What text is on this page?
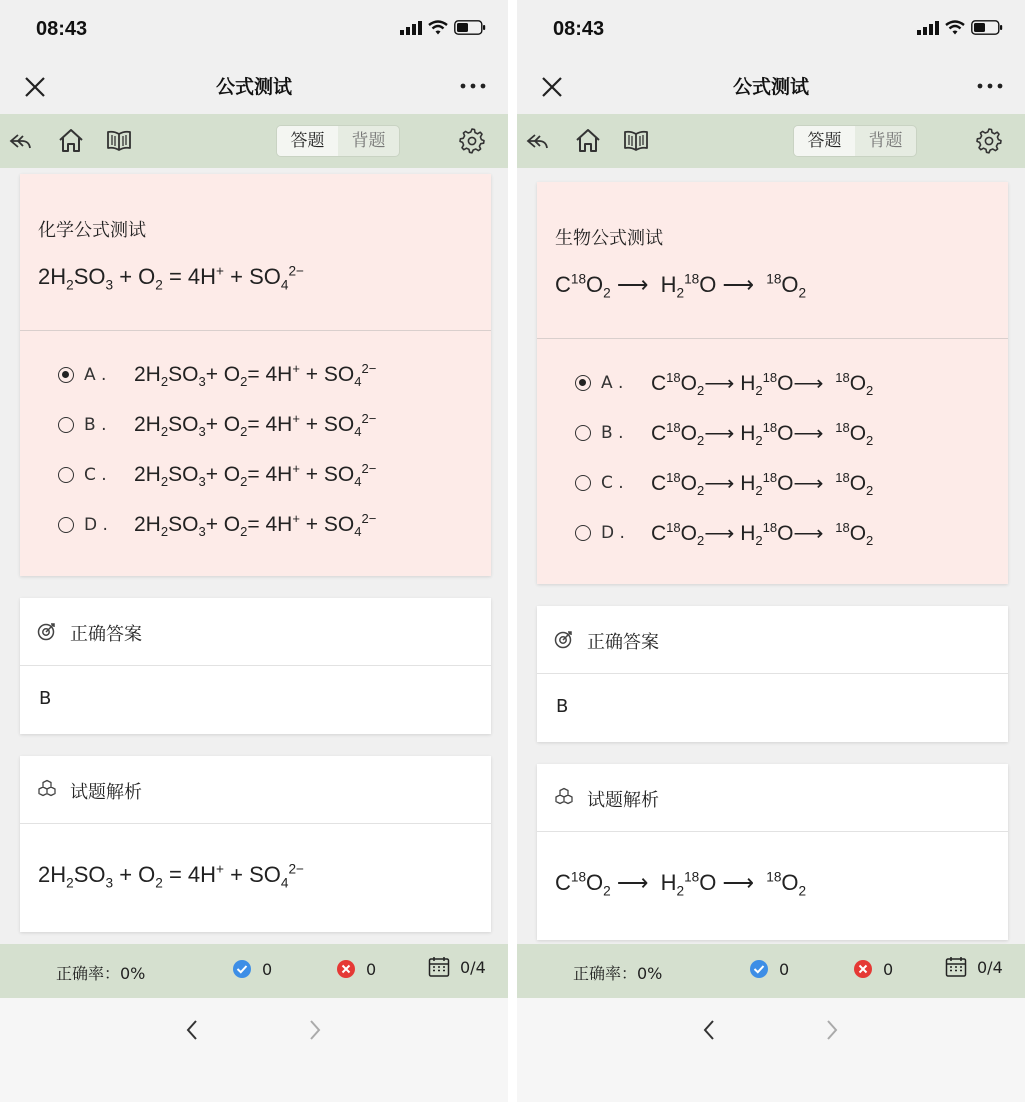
08:43
公式测试
答题	背题
化学公式测试
$2H_2SO_3 + O_2 = 4H^+ + SO_4^{2-}$
A .	$2H_2SO_3+ O_2= 4H^+ + SO_4^{2-}$
B .	$2H_2SO_3+ O_2= 4H^+ + SO_4^{2-}$
C .	$2H_2SO_3+ O_2= 4H^+ + SO_4^{2-}$
D .	$2H_2SO_3+ O_2= 4H^+ + SO_4^{2-}$
正确答案
B
试题解析
$2H_2SO_3 + O_2 = 4H^+ + SO_4^{2-}$
正确率：0%	0	0	0/4
08:43
公式测试
答题	背题
生物公式测试
$C^{18}O_2$ ⟶  $H_2^{18}O$ ⟶  $^{18}O_2$
A .	$C^{18}O_2⟶$ $H_2^{18}O⟶$  $^{18}O_2$
B .	$C^{18}O_2⟶$ $H_2^{18}O⟶$  $^{18}O_2$
C .	$C^{18}O_2⟶$ $H_2^{18}O⟶$  $^{18}O_2$
D .	$C^{18}O_2⟶$ $H_2^{18}O⟶$  $^{18}O_2$
正确答案
B
试题解析
$C^{18}O_2$ ⟶  $H_2^{18}O$ ⟶  $^{18}O_2$
正确率：0%	0	0	0/4
